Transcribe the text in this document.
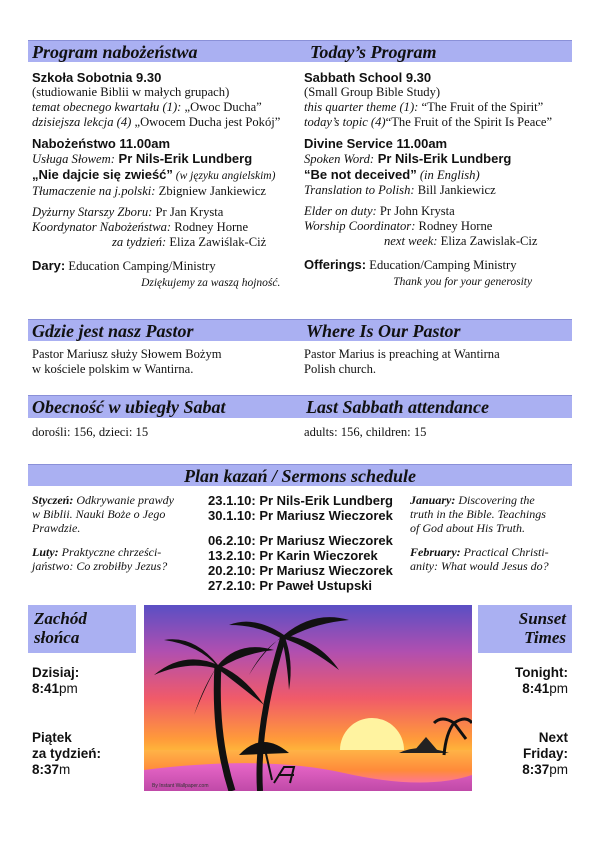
Program nabożeństwa	Today’s Program
Szkoła Sobotnia 9.30
(studiowanie Biblii w małych grupach)
temat obecnego kwartału (1): „Owoc Ducha”
dzisiejsza lekcja (4) „Owocem Ducha jest Pokój”
Nabożeństwo 11.00am
Usługa Słowem: Pr Nils-Erik Lundberg
„Nie dajcie się zwieść” (w języku angielskim)
Tłumaczenie na j.polski: Zbigniew Jankiewicz
Dyżurny Starszy Zboru: Pr Jan Krysta
Koordynator Nabożeństwa: Rodney Horne
za tydzień: Eliza Zawiślak-Ciż
Dary: Education Camping/Ministry
Dziękujemy za waszą hojność.
Sabbath School 9.30
(Small Group Bible Study)
this quarter theme (1): “The Fruit of the Spirit”
today’s topic (4)“The Fruit of the Spirit Is Peace”
Divine Service 11.00am
Spoken Word: Pr Nils-Erik Lundberg
“Be not deceived” (in English)
Translation to Polish: Bill Jankiewicz
Elder on duty: Pr John Krysta
Worship Coordinator: Rodney Horne
next week: Eliza Zawislak-Ciz
Offerings: Education/Camping Ministry
Thank you for your generosity
Gdzie jest nasz Pastor	Where Is Our Pastor
Pastor Mariusz służy Słowem Bożym
w kościele polskim w Wantirna.
Pastor Marius is preaching at Wantirna
Polish church.
Obecność w ubiegły Sabat	Last Sabbath attendance
dorośli: 156, dzieci: 15	adults: 156, children: 15
Plan kazań / Sermons schedule
Styczeń: Odkrywanie prawdy
w Biblii. Nauki Boże o Jego
Prawdzie.
Luty: Praktyczne chrześci-
jaństwo: Co zrobiłby Jezus?
23.1.10: Pr Nils-Erik Lundberg
30.1.10: Pr Mariusz Wieczorek
06.2.10: Pr Mariusz Wieczorek
13.2.10: Pr Karin Wieczorek
20.2.10: Pr Mariusz Wieczorek
27.2.10: Pr Paweł Ustupski
January: Discovering the
truth in the Bible. Teachings
of God about His Truth.
February: Practical Christi-
anity: What would Jesus do?
Zachód
słońca
Sunset
Times
Dzisiaj:
8:41pm
Piątek
za tydzień:
8:37m
Tonight:
8:41pm
Next
Friday:
8:37pm
By Instant Wallpaper.com
